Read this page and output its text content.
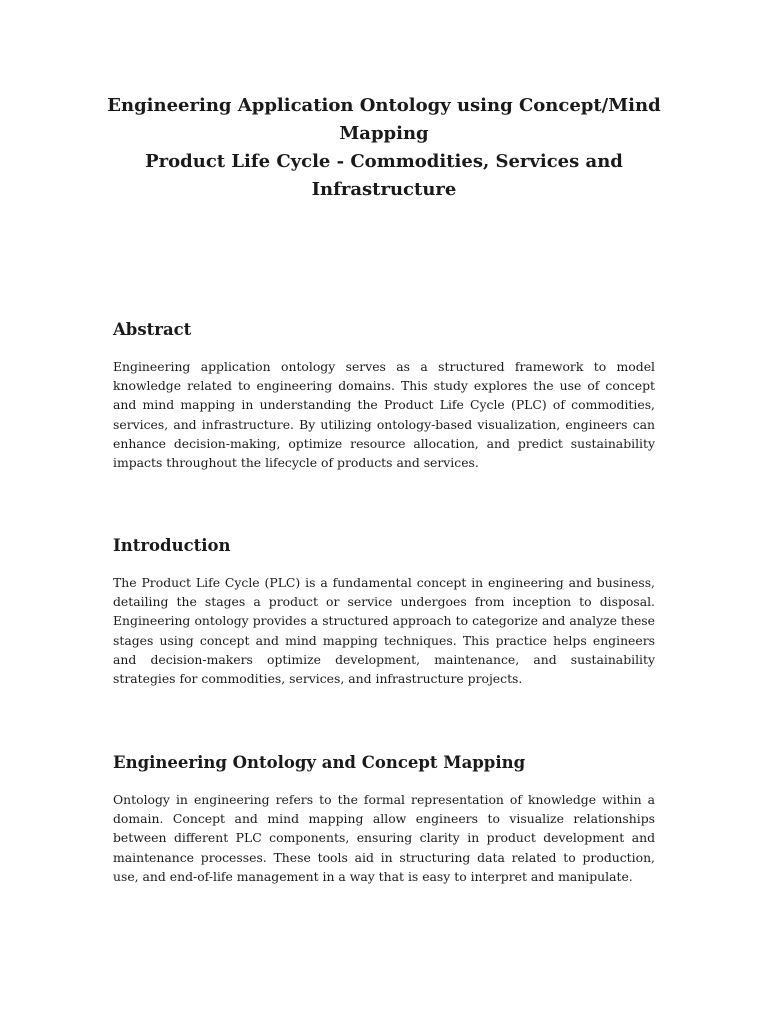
Engineering Application Ontology using Concept/Mind
Mapping
Product Life Cycle - Commodities, Services and
Infrastructure
Abstract

Engineering application ontology serves as a structured framework to model knowledge related to engineering domains. This study explores the use of concept and mind mapping in understanding the Product Life Cycle (PLC) of commodities, services, and infrastructure. By utilizing ontology-based visualization, engineers can enhance decision-making, optimize resource allocation, and predict sustainability impacts throughout the lifecycle of products and services.

Introduction

The Product Life Cycle (PLC) is a fundamental concept in engineering and business, detailing the stages a product or service undergoes from inception to disposal. Engineering ontology provides a structured approach to categorize and analyze these stages using concept and mind mapping techniques. This practice helps engineers and decision-makers optimize development, maintenance, and sustainability strategies for commodities, services, and infrastructure projects.

Engineering Ontology and Concept Mapping

Ontology in engineering refers to the formal representation of knowledge within a domain. Concept and mind mapping allow engineers to visualize relationships between different PLC components, ensuring clarity in product development and maintenance processes. These tools aid in structuring data related to production, use, and end-of-life management in a way that is easy to interpret and manipulate.
